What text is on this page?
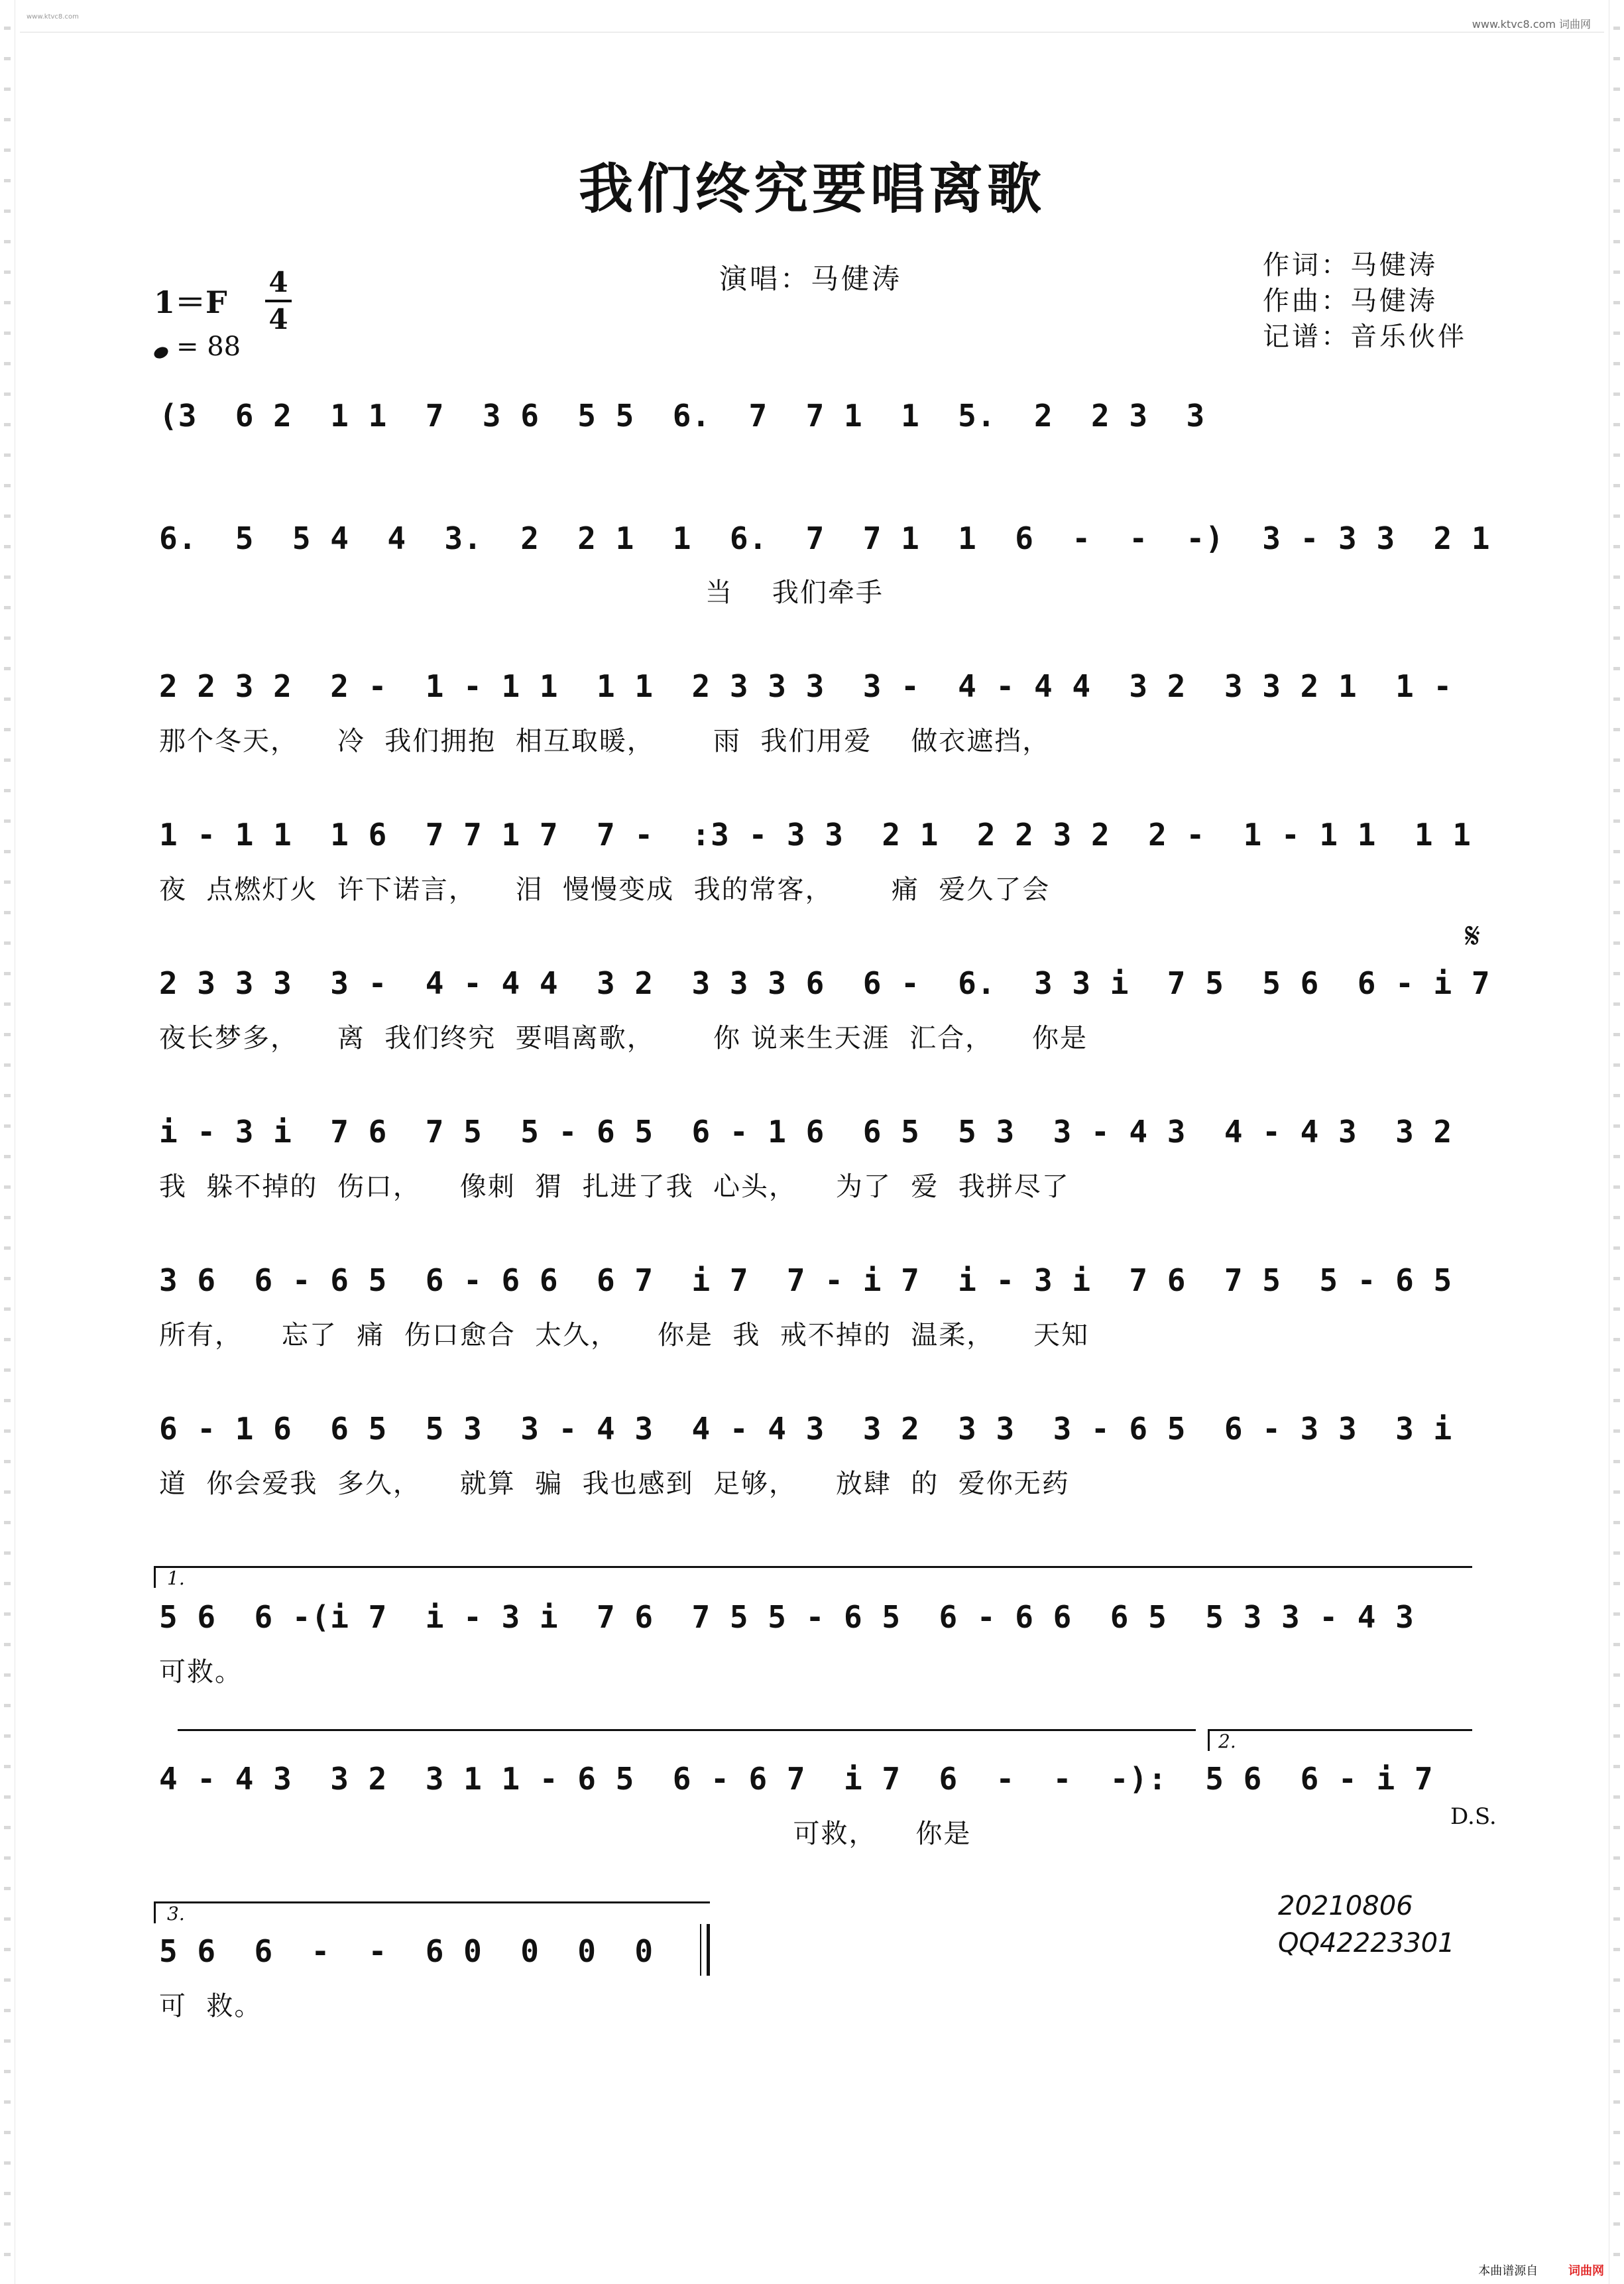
www.ktvc8.com
www.ktvc8.com 词曲网
我们终究要唱离歌
演唱：马健涛	作词：马健涛
作曲：马健涛
记谱：音乐伙伴
1＝F
4
4
= 88
𝄋
(3  6 2  1 1  7  3 6  5 5  6.  7  7 1  1  5.  2  2 3  3
6.  5  5 4  4  3.  2  2 1  1  6.  7  7 1  1  6  -  -  -)  3 - 3 3  2 1
当    我们牵手
2 2 3 2  2 -  1 - 1 1  1 1  2 3 3 3  3 -  4 - 4 4  3 2  3 3 2 1  1 -
那个冬天，    冷  我们拥抱  相互取暖，      雨  我们用爱    做衣遮挡，
1 - 1 1  1 6  7 7 1 7  7 -  :3 - 3 3  2 1  2 2 3 2  2 -  1 - 1 1  1 1
夜  点燃灯火  许下诺言，    泪  慢慢变成  我的常客，      痛  爱久了会
2 3 3 3  3 -  4 - 4 4  3 2  3 3 3 6  6 -  6.  3 3 i  7 5  5 6  6 - i 7
夜长梦多，    离  我们终究  要唱离歌，      你 说来生天涯  汇合，    你是
i - 3 i  7 6  7 5  5 - 6 5  6 - 1 6  6 5  5 3  3 - 4 3  4 - 4 3  3 2
我  躲不掉的  伤口，    像刺  猬  扎进了我  心头，    为了  爱  我拼尽了
3 6  6 - 6 5  6 - 6 6  6 7  i 7  7 - i 7  i - 3 i  7 6  7 5  5 - 6 5
所有，    忘了  痛  伤口愈合  太久，    你是  我  戒不掉的  温柔，    天知
6 - 1 6  6 5  5 3  3 - 4 3  4 - 4 3  3 2  3 3  3 - 6 5  6 - 3 3  3 i
道  你会爱我  多久，    就算  骗  我也感到  足够，    放肆  的  爱你无药
1.
5 6  6 -(i 7  i - 3 i  7 6  7 5 5 - 6 5  6 - 6 6  6 5  5 3 3 - 4 3
可救。
2.
4 - 4 3  3 2  3 1 1 - 6 5  6 - 6 7  i 7  6  -  -  -):  5 6  6 - i 7
可救，    你是
D.S.
3.
5 6  6  -  -  6 0  0  0  0
可  救。
20210806
QQ42223301
本曲谱源自	词曲网
